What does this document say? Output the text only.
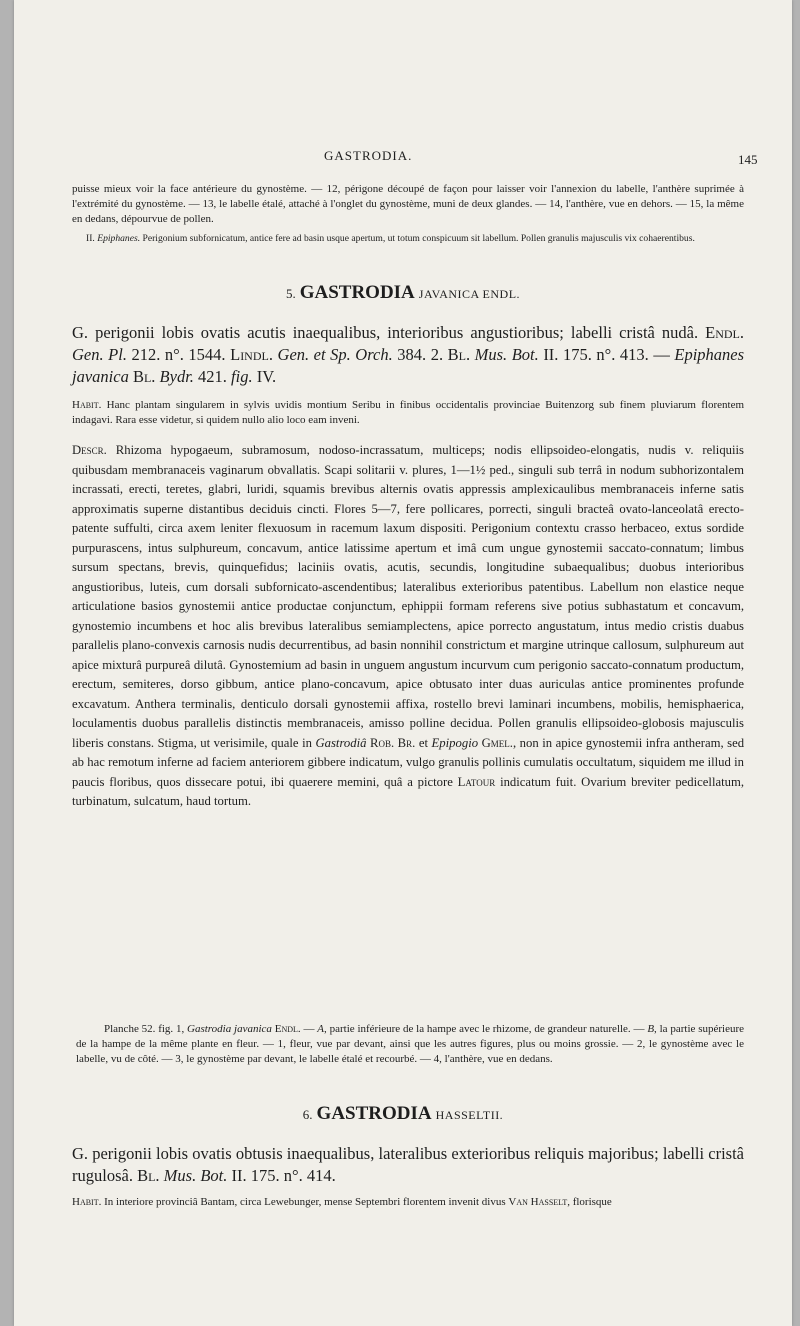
GASTRODIA.	145

puisse mieux voir la face antérieure du gynostème. — 12, périgone découpé de façon pour laisser voir l'annexion du labelle, l'anthère suprimée à l'extrémité du gynostème. — 13, le labelle étalé, attaché à l'onglet du gynostème, muni de deux glandes. — 14, l'anthère, vue en dehors. — 15, la même en dedans, dépourvue de pollen.

II. Epiphanes. Perigonium subfornicatum, antice fere ad basin usque apertum, ut totum conspicuum sit labellum. Pollen granulis majusculis vix cohaerentibus.

5. GASTRODIA JAVANICA ENDL.

G. perigonii lobis ovatis acutis inaequalibus, interioribus angustioribus; labelli cristâ nudâ. Endl. Gen. Pl. 212. n°. 1544. Lindl. Gen. et Sp. Orch. 384. 2. Bl. Mus. Bot. II. 175. n°. 413. — Epiphanes javanica Bl. Bydr. 421. fig. IV.

Habit. Hanc plantam singularem in sylvis uvidis montium Seribu in finibus occidentalis provinciae Buitenzorg sub finem pluviarum florentem indagavi. Rara esse videtur, si quidem nullo alio loco eam inveni.

Descr. Rhizoma hypogaeum, subramosum, nodoso-incrassatum, multiceps; nodis ellipsoideo-elongatis, nudis v. reliquiis quibusdam membranaceis vaginarum obvallatis. Scapi solitarii v. plures, 1—1½ ped., singuli sub terrâ in nodum subhorizontalem incrassati, erecti, teretes, glabri, luridi, squamis brevibus alternis ovatis appressis amplexicaulibus membranaceis inferne satis approximatis superne distantibus deciduis cincti. Flores 5—7, fere pollicares, porrecti, singuli bracteâ ovato-lanceolatâ erecto-patente suffulti, circa axem leniter flexuosum in racemum laxum dispositi. Perigonium contextu crasso herbaceo, extus sordide purpurascens, intus sulphureum, concavum, antice latissime apertum et imâ cum ungue gynostemii saccato-connatum; limbus sursum spectans, brevis, quinquefidus; laciniis ovatis, acutis, secundis, longitudine subaequalibus; duobus interioribus angustioribus, luteis, cum dorsali subfornicato-ascendentibus; lateralibus exterioribus patentibus. Labellum non elastice neque articulatione basios gynostemii antice productae conjunctum, ephippii formam referens sive potius subhastatum et concavum, gynostemio incumbens et hoc alis brevibus lateralibus semiamplectens, apice porrecto angustatum, intus medio cristis duabus parallelis plano-convexis carnosis nudis decurrentibus, ad basin nonnihil constrictum et margine utrinque callosum, sulphureum aut apice mixturâ purpureâ dilutâ. Gynostemium ad basin in unguem angustum incurvum cum perigonio saccato-connatum productum, erectum, semiteres, dorso gibbum, antice plano-concavum, apice obtusato inter duas auriculas antice prominentes profunde excavatum. Anthera terminalis, denticulo dorsali gynostemii affixa, rostello brevi laminari incumbens, mobilis, hemisphaerica, loculamentis duobus parallelis distinctis membranaceis, amisso polline decidua. Pollen granulis ellipsoideo-globosis majusculis liberis constans. Stigma, ut verisimile, quale in Gastrodiâ Rob. Br. et Epipogio Gmel., non in apice gynostemii infra antheram, sed ab hac remotum inferne ad faciem anteriorem gibbere indicatum, vulgo granulis pollinis cumulatis occultatum, siquidem me illud in paucis floribus, quos dissecare potui, ibi quaerere memini, quâ a pictore Latour indicatum fuit. Ovarium breviter pedicellatum, turbinatum, sulcatum, haud tortum.

Planche 52. fig. 1, Gastrodia javanica Endl. — A, partie inférieure de la hampe avec le rhizome, de grandeur naturelle. — B, la partie supérieure de la hampe de la même plante en fleur. — 1, fleur, vue par devant, ainsi que les autres figures, plus ou moins grossie. — 2, le gynostème avec le labelle, vu de côté. — 3, le gynostème par devant, le labelle étalé et recourbé. — 4, l'anthère, vue en dedans.

6. GASTRODIA HASSELTII.

G. perigonii lobis ovatis obtusis inaequalibus, lateralibus exterioribus reliquis majoribus; labelli cristâ rugulosâ. Bl. Mus. Bot. II. 175. n°. 414.

Habit. In interiore provinciâ Bantam, circa Lewebunger, mense Septembri florentem invenit divus Van Hasselt, florisque
